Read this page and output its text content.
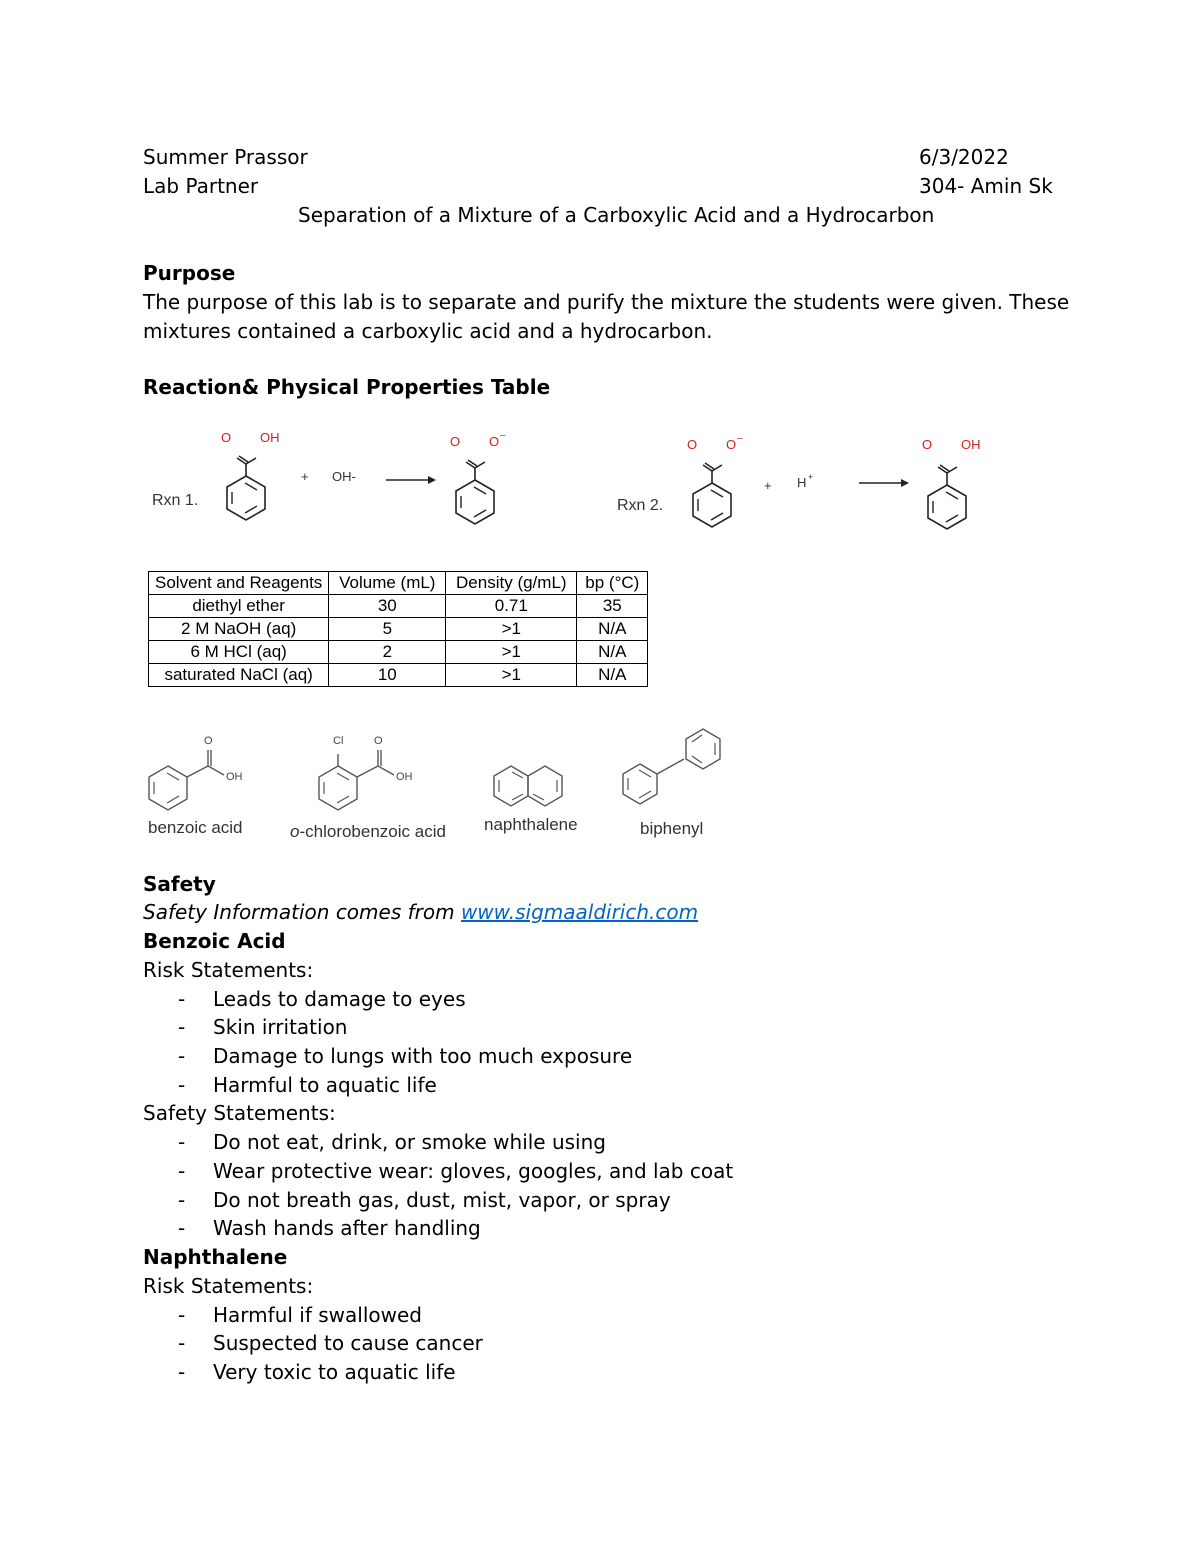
Summer Prassor	6/3/2022
Lab Partner	304- Amin Sk
Separation of a Mixture of a Carboxylic Acid and a Hydrocarbon
Purpose
The purpose of this lab is to separate and purify the mixture the students were given. These
mixtures contained a carboxylic acid and a hydrocarbon.
Reaction& Physical Properties Table
Rxn 1.
O OH
+ OH-
O O –
Rxn 2.
O O –
+ H +
O OH
Solvent and Reagents	Volume (mL)	Density (g/mL)	bp (°C)
diethyl ether	30	0.71	35
2 M NaOH (aq)	5	>1	N/A
6 M HCl (aq)	2	>1	N/A
saturated NaCl (aq)	10	>1	N/A
O
OH
Cl	O
OH
benzoic acid	o-chlorobenzoic acid naphthalene	biphenyl
Safety
Safety Information comes from www.sigmaaldirich.com
Benzoic Acid
Risk Statements:
- Leads to damage to eyes
- Skin irritation
- Damage to lungs with too much exposure
- Harmful to aquatic life
Safety Statements:
- Do not eat, drink, or smoke while using
- Wear protective wear: gloves, googles, and lab coat
- Do not breath gas, dust, mist, vapor, or spray
- Wash hands after handling
Naphthalene
Risk Statements:
- Harmful if swallowed
- Suspected to cause cancer
- Very toxic to aquatic life
